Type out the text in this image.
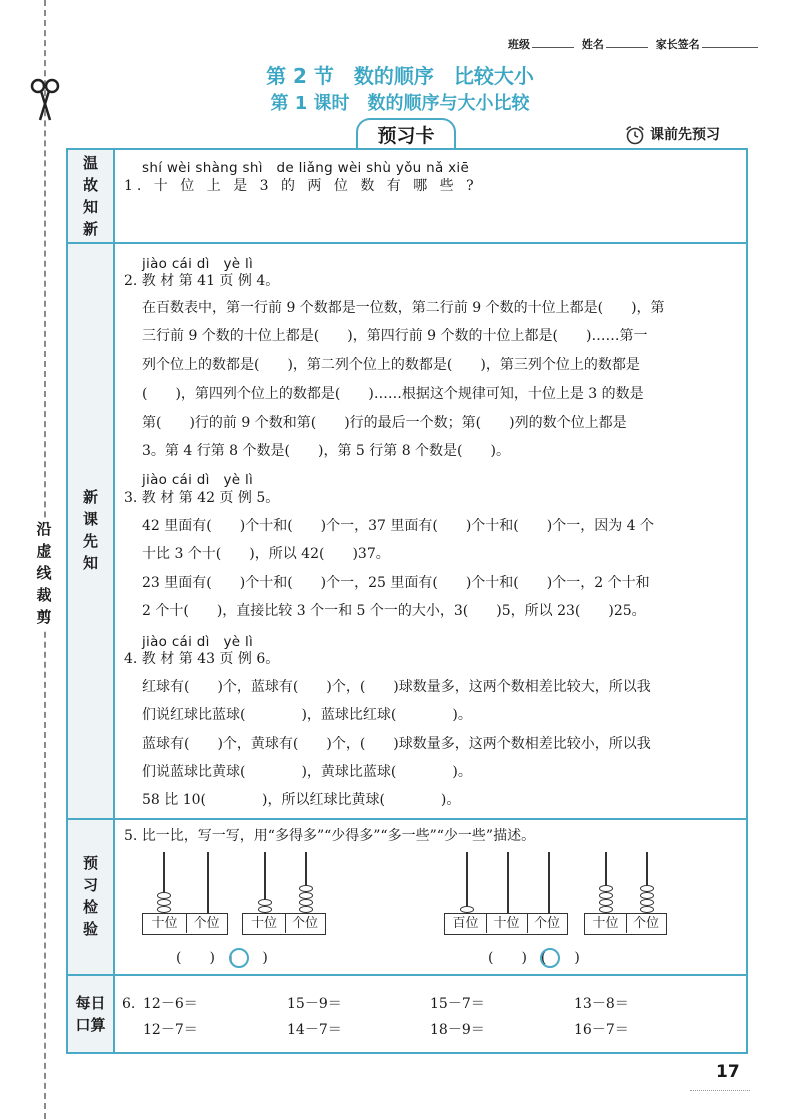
沿
虚
线
裁
剪
班级	姓名	家长签名
第 2 节　数的顺序　比较大小
第 1 课时　数的顺序与大小比较
预习卡	课前先预习
温
故
知
新
新
课
先
知
预
习
检
验
每日
口算
shí wèi shàng shì　de liǎng wèi shù yǒu nǎ xiē
1. 十 位 上 是 3 的 两 位 数 有 哪 些 ?
jiào cái dì　yè lì
2. 教 材 第 41 页 例 4。
在百数表中，第一行前 9 个数都是一位数，第二行前 9 个数的十位上都是(　　)，第
三行前 9 个数的十位上都是(　　)，第四行前 9 个数的十位上都是(　　)……第一
列个位上的数都是(　　)，第二列个位上的数都是(　　)，第三列个位上的数都是
(　　)，第四列个位上的数都是(　　)……根据这个规律可知，十位上是 3 的数是
第(　　)行的前 9 个数和第(　　)行的最后一个数；第(　　)列的数个位上都是
3。第 4 行第 8 个数是(　　)，第 5 行第 8 个数是(　　)。
jiào cái dì　yè lì
3. 教 材 第 42 页 例 5。
42 里面有(　　)个十和(　　)个一，37 里面有(　　)个十和(　　)个一，因为 4 个
十比 3 个十(　　)，所以 42(　　)37。
23 里面有(　　)个十和(　　)个一，25 里面有(　　)个十和(　　)个一，2 个十和
2 个十(　　)，直接比较 3 个一和 5 个一的大小，3(　　)5，所以 23(　　)25。
jiào cái dì　yè lì
4. 教 材 第 43 页 例 6。
红球有(　　)个，蓝球有(　　)个，(　　)球数量多，这两个数相差比较大，所以我
们说红球比蓝球(　　　　)，蓝球比红球(　　　　)。
蓝球有(　　)个，黄球有(　　)个，(　　)球数量多，这两个数相差比较小，所以我
们说蓝球比黄球(　　　　)，黄球比蓝球(　　　　)。
58 比 10(　　　　)，所以红球比黄球(　　　　)。
5. 比一比，写一写，用“多得多”“少得多”“多一些”“少一些”描述。
十位 个位	十位 个位
(　　)　(　　)
百位 十位 个位	十位 个位
(　　)　(　　)
6. 12－6＝	15－9＝	15－7＝	13－8＝
12－7＝	14－7＝	18－9＝	16－7＝
17
